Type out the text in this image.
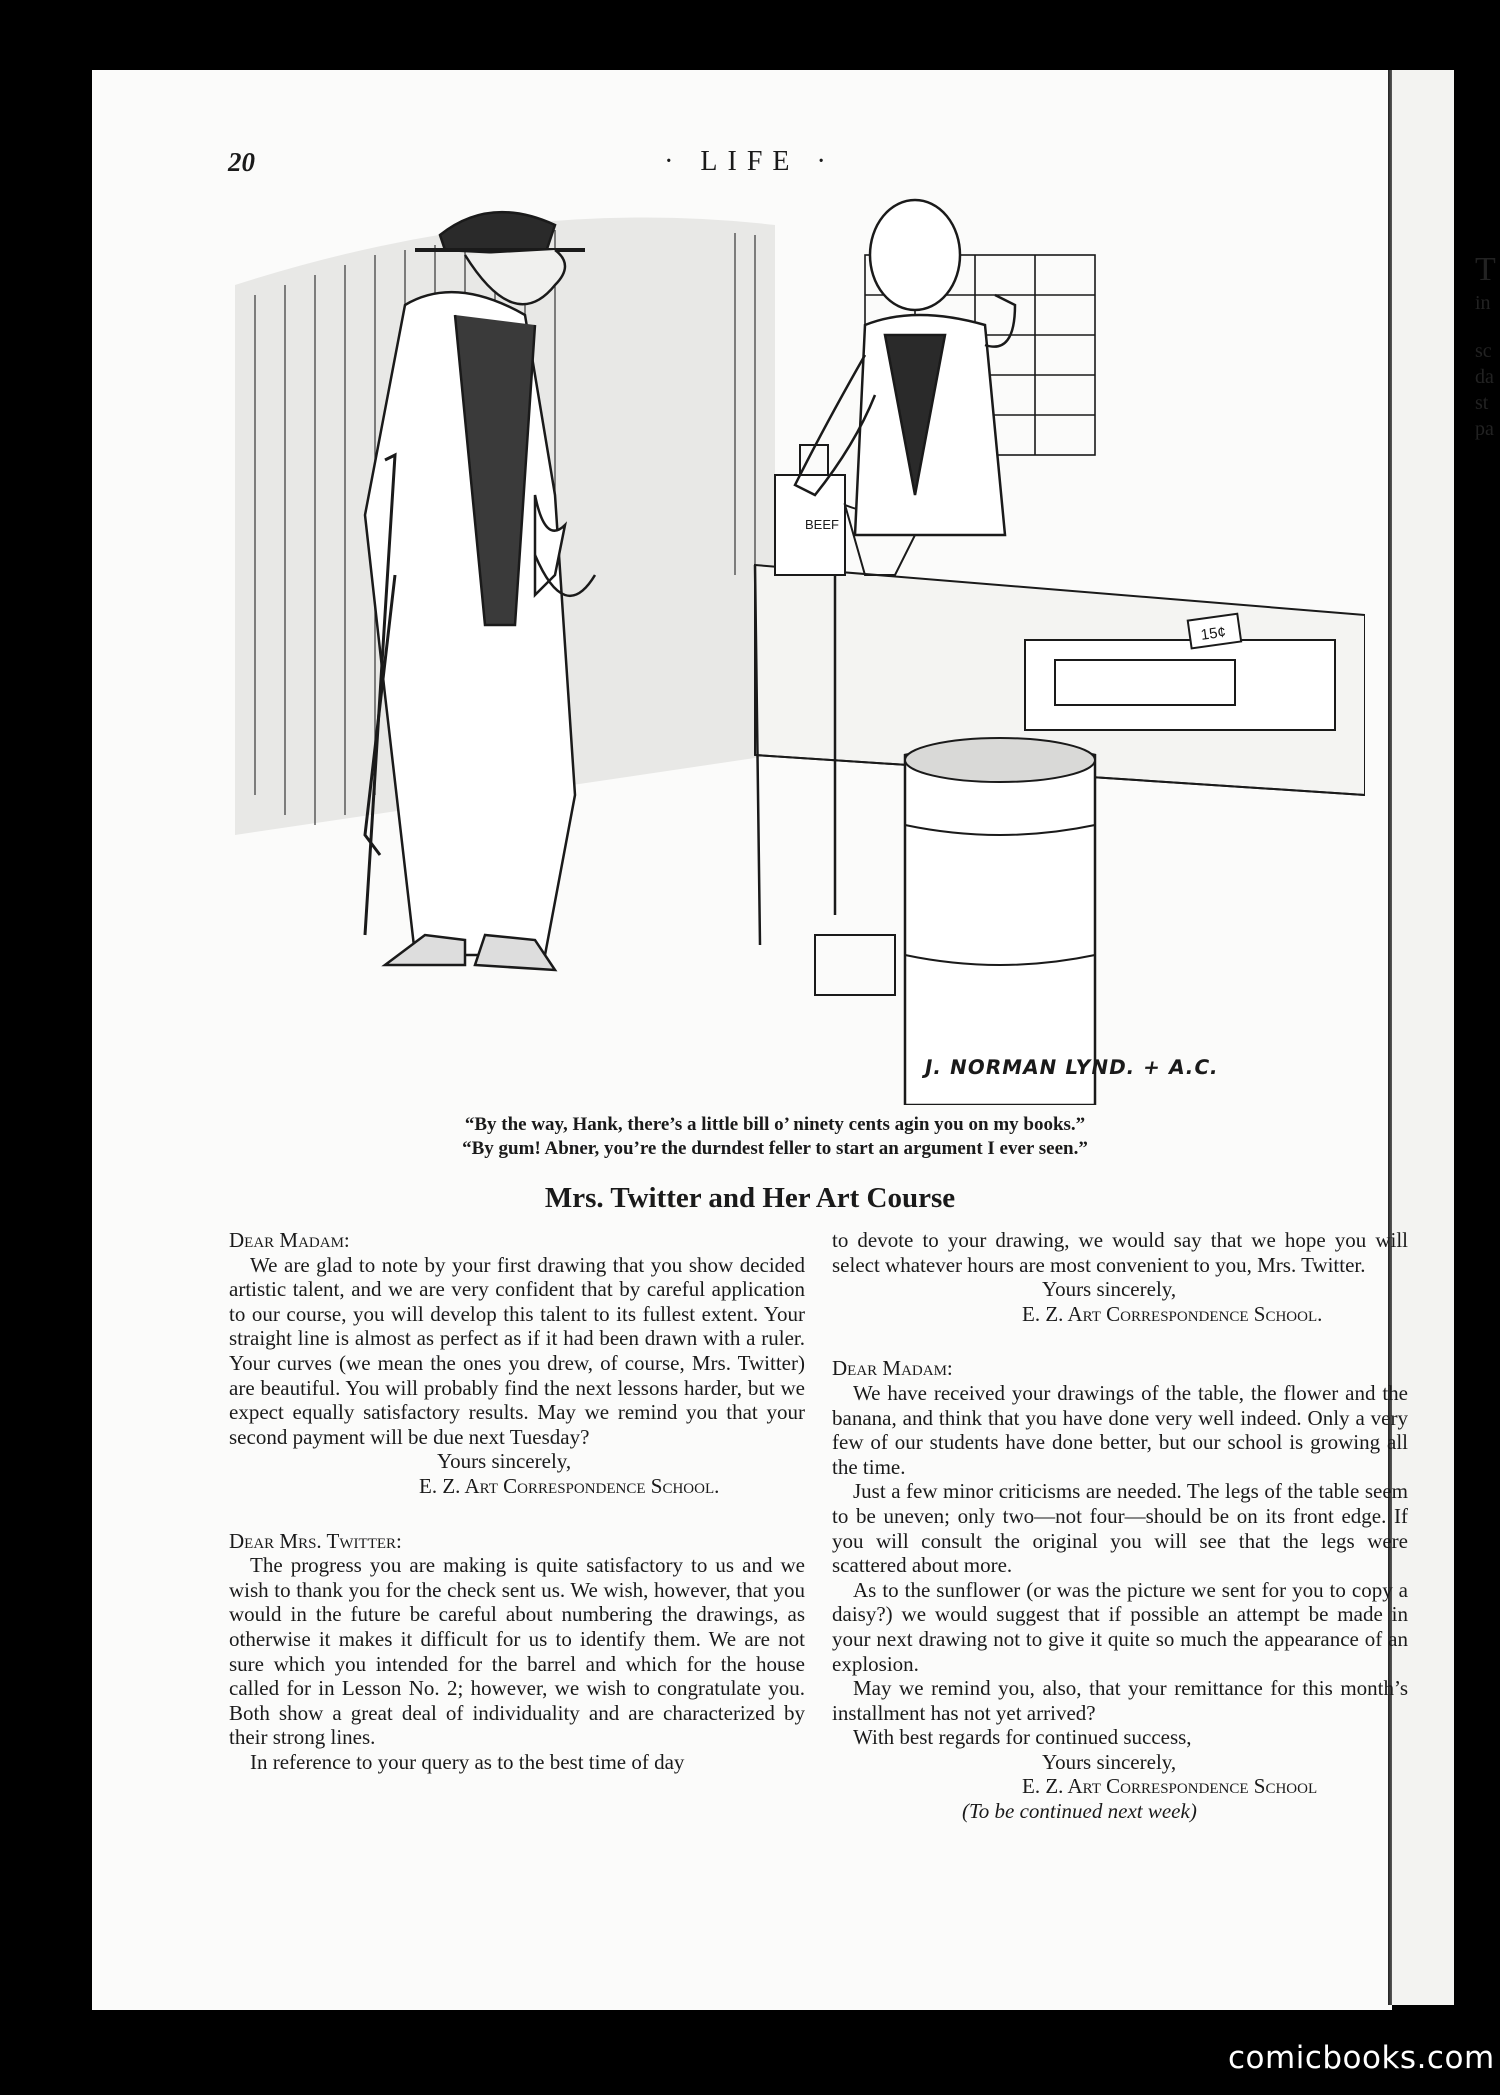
T
in
sc
da
st
pa
20	· LIFE ·
BEEF
15¢
J. NORMAN LYND. + A.C.
“By the way, Hank, there’s a little bill o’ ninety cents agin you on my books.”
“By gum! Abner, you’re the durndest feller to start an argument I ever seen.”
Mrs. Twitter and Her Art Course

Dear Madam:

We are glad to note by your first drawing that you show decided artistic talent, and we are very confident that by careful application to our course, you will develop this talent to its fullest extent. Your straight line is almost as perfect as if it had been drawn with a ruler. Your curves (we mean the ones you drew, of course, Mrs. Twitter) are beautiful. You will probably find the next lessons harder, but we expect equally satisfactory results. May we remind you that your second payment will be due next Tuesday?

Yours sincerely,

E. Z. Art Correspondence School.

Dear Mrs. Twitter:

The progress you are making is quite satisfactory to us and we wish to thank you for the check sent us. We wish, however, that you would in the future be careful about numbering the drawings, as otherwise it makes it difficult for us to identify them. We are not sure which you intended for the barrel and which for the house called for in Lesson No. 2; however, we wish to congratulate you. Both show a great deal of individuality and are characterized by their strong lines.

In reference to your query as to the best time of day

to devote to your drawing, we would say that we hope you will select whatever hours are most convenient to you, Mrs. Twitter.

Yours sincerely,

E. Z. Art Correspondence School.

Dear Madam:

We have received your drawings of the table, the flower and the banana, and think that you have done very well indeed. Only a very few of our students have done better, but our school is growing all the time.

Just a few minor criticisms are needed. The legs of the table seem to be uneven; only two—not four—should be on its front edge. If you will consult the original you will see that the legs were scattered about more.

As to the sunflower (or was the picture we sent for you to copy a daisy?) we would suggest that if possible an attempt be made in your next drawing not to give it quite so much the appearance of an explosion.

May we remind you, also, that your remittance for this month’s installment has not yet arrived?

With best regards for continued success,

Yours sincerely,

E. Z. Art Correspondence School

(To be continued next week)

comicbooks.com
